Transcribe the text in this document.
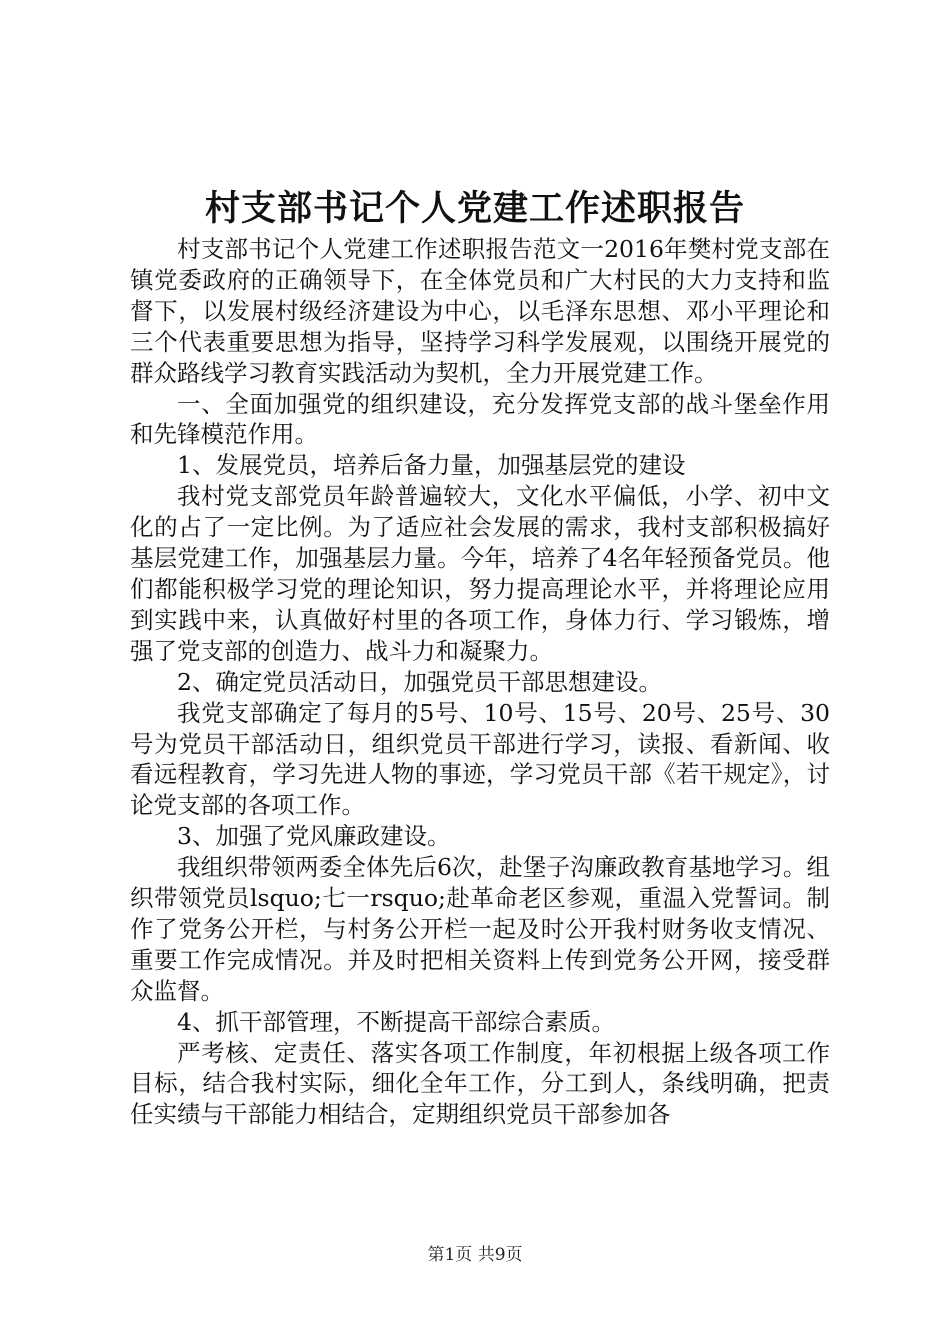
村支部书记个人党建工作述职报告

村支部书记个人党建工作述职报告范文一2016年樊村党支部在镇党委政府的正确领导下，在全体党员和广大村民的大力支持和监督下，以发展村级经济建设为中心，以毛泽东思想、邓小平理论和三个代表重要思想为指导，坚持学习科学发展观，以围绕开展党的群众路线学习教育实践活动为契机，全力开展党建工作。

一、全面加强党的组织建设，充分发挥党支部的战斗堡垒作用和先锋模范作用。

1、发展党员，培养后备力量，加强基层党的建设

我村党支部党员年龄普遍较大，文化水平偏低，小学、初中文化的占了一定比例。为了适应社会发展的需求，我村支部积极搞好基层党建工作，加强基层力量。今年，培养了4名年轻预备党员。他们都能积极学习党的理论知识，努力提高理论水平，并将理论应用到实践中来，认真做好村里的各项工作，身体力行、学习锻炼，增强了党支部的创造力、战斗力和凝聚力。

2、确定党员活动日，加强党员干部思想建设。

我党支部确定了每月的5号、10号、15号、20号、25号、30号为党员干部活动日，组织党员干部进行学习，读报、看新闻、收看远程教育，学习先进人物的事迹，学习党员干部《若干规定》，讨论党支部的各项工作。

3、加强了党风廉政建设。

我组织带领两委全体先后6次，赴堡子沟廉政教育基地学习。组织带领党员lsquo;七一rsquo;赴革命老区参观，重温入党誓词。制作了党务公开栏，与村务公开栏一起及时公开我村财务收支情况、重要工作完成情况。并及时把相关资料上传到党务公开网，接受群众监督。

4、抓干部管理，不断提高干部综合素质。

严考核、定责任、落实各项工作制度，年初根据上级各项工作目标，结合我村实际，细化全年工作，分工到人，条线明确，把责任实绩与干部能力相结合，定期组织党员干部参加各

第1页 共9页
